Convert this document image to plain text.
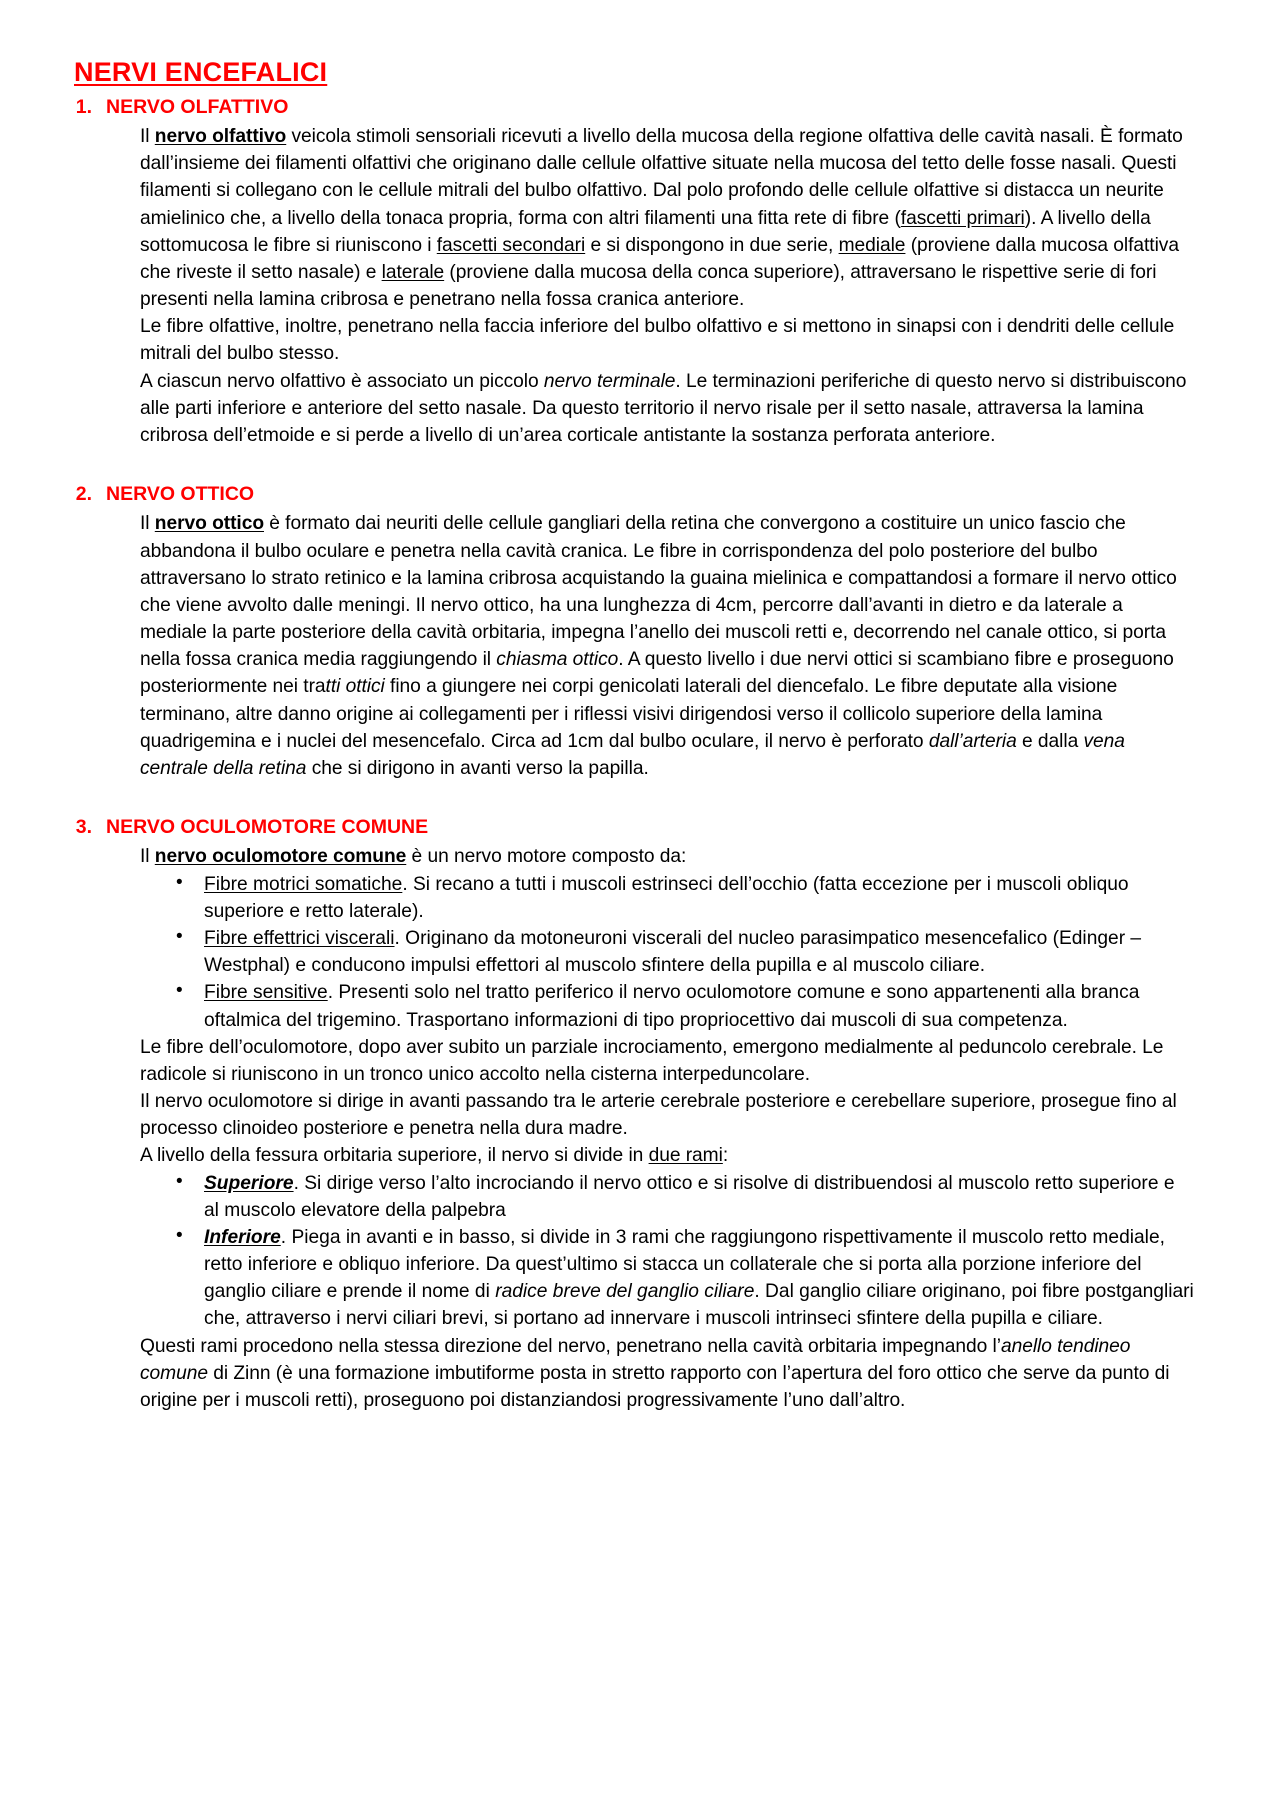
NERVI ENCEFALICI
1. NERVO OLFATTIVO

Il nervo olfattivo veicola stimoli sensoriali ricevuti a livello della mucosa della regione olfattiva delle cavità nasali. È formato dall’insieme dei filamenti olfattivi che originano dalle cellule olfattive situate nella mucosa del tetto delle fosse nasali. Questi filamenti si collegano con le cellule mitrali del bulbo olfattivo. Dal polo profondo delle cellule olfattive si distacca un neurite amielinico che, a livello della tonaca propria, forma con altri filamenti una fitta rete di fibre (fascetti primari). A livello della sottomucosa le fibre si riuniscono i fascetti secondari e si dispongono in due serie, mediale (proviene dalla mucosa olfattiva che riveste il setto nasale) e laterale (proviene dalla mucosa della conca superiore), attraversano le rispettive serie di fori presenti nella lamina cribrosa e penetrano nella fossa cranica anteriore.

Le fibre olfattive, inoltre, penetrano nella faccia inferiore del bulbo olfattivo e si mettono in sinapsi con i dendriti delle cellule mitrali del bulbo stesso.

A ciascun nervo olfattivo è associato un piccolo nervo terminale. Le terminazioni periferiche di questo nervo si distribuiscono alle parti inferiore e anteriore del setto nasale. Da questo territorio il nervo risale per il setto nasale, attraversa la lamina cribrosa dell’etmoide e si perde a livello di un’area corticale antistante la sostanza perforata anteriore.

2. NERVO OTTICO

Il nervo ottico è formato dai neuriti delle cellule gangliari della retina che convergono a costituire un unico fascio che abbandona il bulbo oculare e penetra nella cavità cranica. Le fibre in corrispondenza del polo posteriore del bulbo attraversano lo strato retinico e la lamina cribrosa acquistando la guaina mielinica e compattandosi a formare il nervo ottico che viene avvolto dalle meningi. Il nervo ottico, ha una lunghezza di 4cm, percorre dall’avanti in dietro e da laterale a mediale la parte posteriore della cavità orbitaria, impegna l’anello dei muscoli retti e, decorrendo nel canale ottico, si porta nella fossa cranica media raggiungendo il chiasma ottico. A questo livello i due nervi ottici si scambiano fibre e proseguono posteriormente nei tratti ottici fino a giungere nei corpi genicolati laterali del diencefalo. Le fibre deputate alla visione terminano, altre danno origine ai collegamenti per i riflessi visivi dirigendosi verso il collicolo superiore della lamina quadrigemina e i nuclei del mesencefalo. Circa ad 1cm dal bulbo oculare, il nervo è perforato dall’arteria e dalla vena centrale della retina che si dirigono in avanti verso la papilla.

3. NERVO OCULOMOTORE COMUNE

Il nervo oculomotore comune è un nervo motore composto da:

• Fibre motrici somatiche. Si recano a tutti i muscoli estrinseci dell’occhio (fatta eccezione per i muscoli obliquo superiore e retto laterale).
• Fibre effettrici viscerali. Originano da motoneuroni viscerali del nucleo parasimpatico mesencefalico (Edinger – Westphal) e conducono impulsi effettori al muscolo sfintere della pupilla e al muscolo ciliare.
• Fibre sensitive. Presenti solo nel tratto periferico il nervo oculomotore comune e sono appartenenti alla branca oftalmica del trigemino. Trasportano informazioni di tipo propriocettivo dai muscoli di sua competenza.

Le fibre dell’oculomotore, dopo aver subito un parziale incrociamento, emergono medialmente al peduncolo cerebrale. Le radicole si riuniscono in un tronco unico accolto nella cisterna interpeduncolare.

Il nervo oculomotore si dirige in avanti passando tra le arterie cerebrale posteriore e cerebellare superiore, prosegue fino al processo clinoideo posteriore e penetra nella dura madre.

A livello della fessura orbitaria superiore, il nervo si divide in due rami:

• Superiore. Si dirige verso l’alto incrociando il nervo ottico e si risolve di distribuendosi al muscolo retto superiore e al muscolo elevatore della palpebra
• Inferiore. Piega in avanti e in basso, si divide in 3 rami che raggiungono rispettivamente il muscolo retto mediale, retto inferiore e obliquo inferiore. Da quest’ultimo si stacca un collaterale che si porta alla porzione inferiore del ganglio ciliare e prende il nome di radice breve del ganglio ciliare. Dal ganglio ciliare originano, poi fibre postgangliari che, attraverso i nervi ciliari brevi, si portano ad innervare i muscoli intrinseci sfintere della pupilla e ciliare.

Questi rami procedono nella stessa direzione del nervo, penetrano nella cavità orbitaria impegnando l’anello tendineo comune di Zinn (è una formazione imbutiforme posta in stretto rapporto con l’apertura del foro ottico che serve da punto di origine per i muscoli retti), proseguono poi distanziandosi progressivamente l’uno dall’altro.
